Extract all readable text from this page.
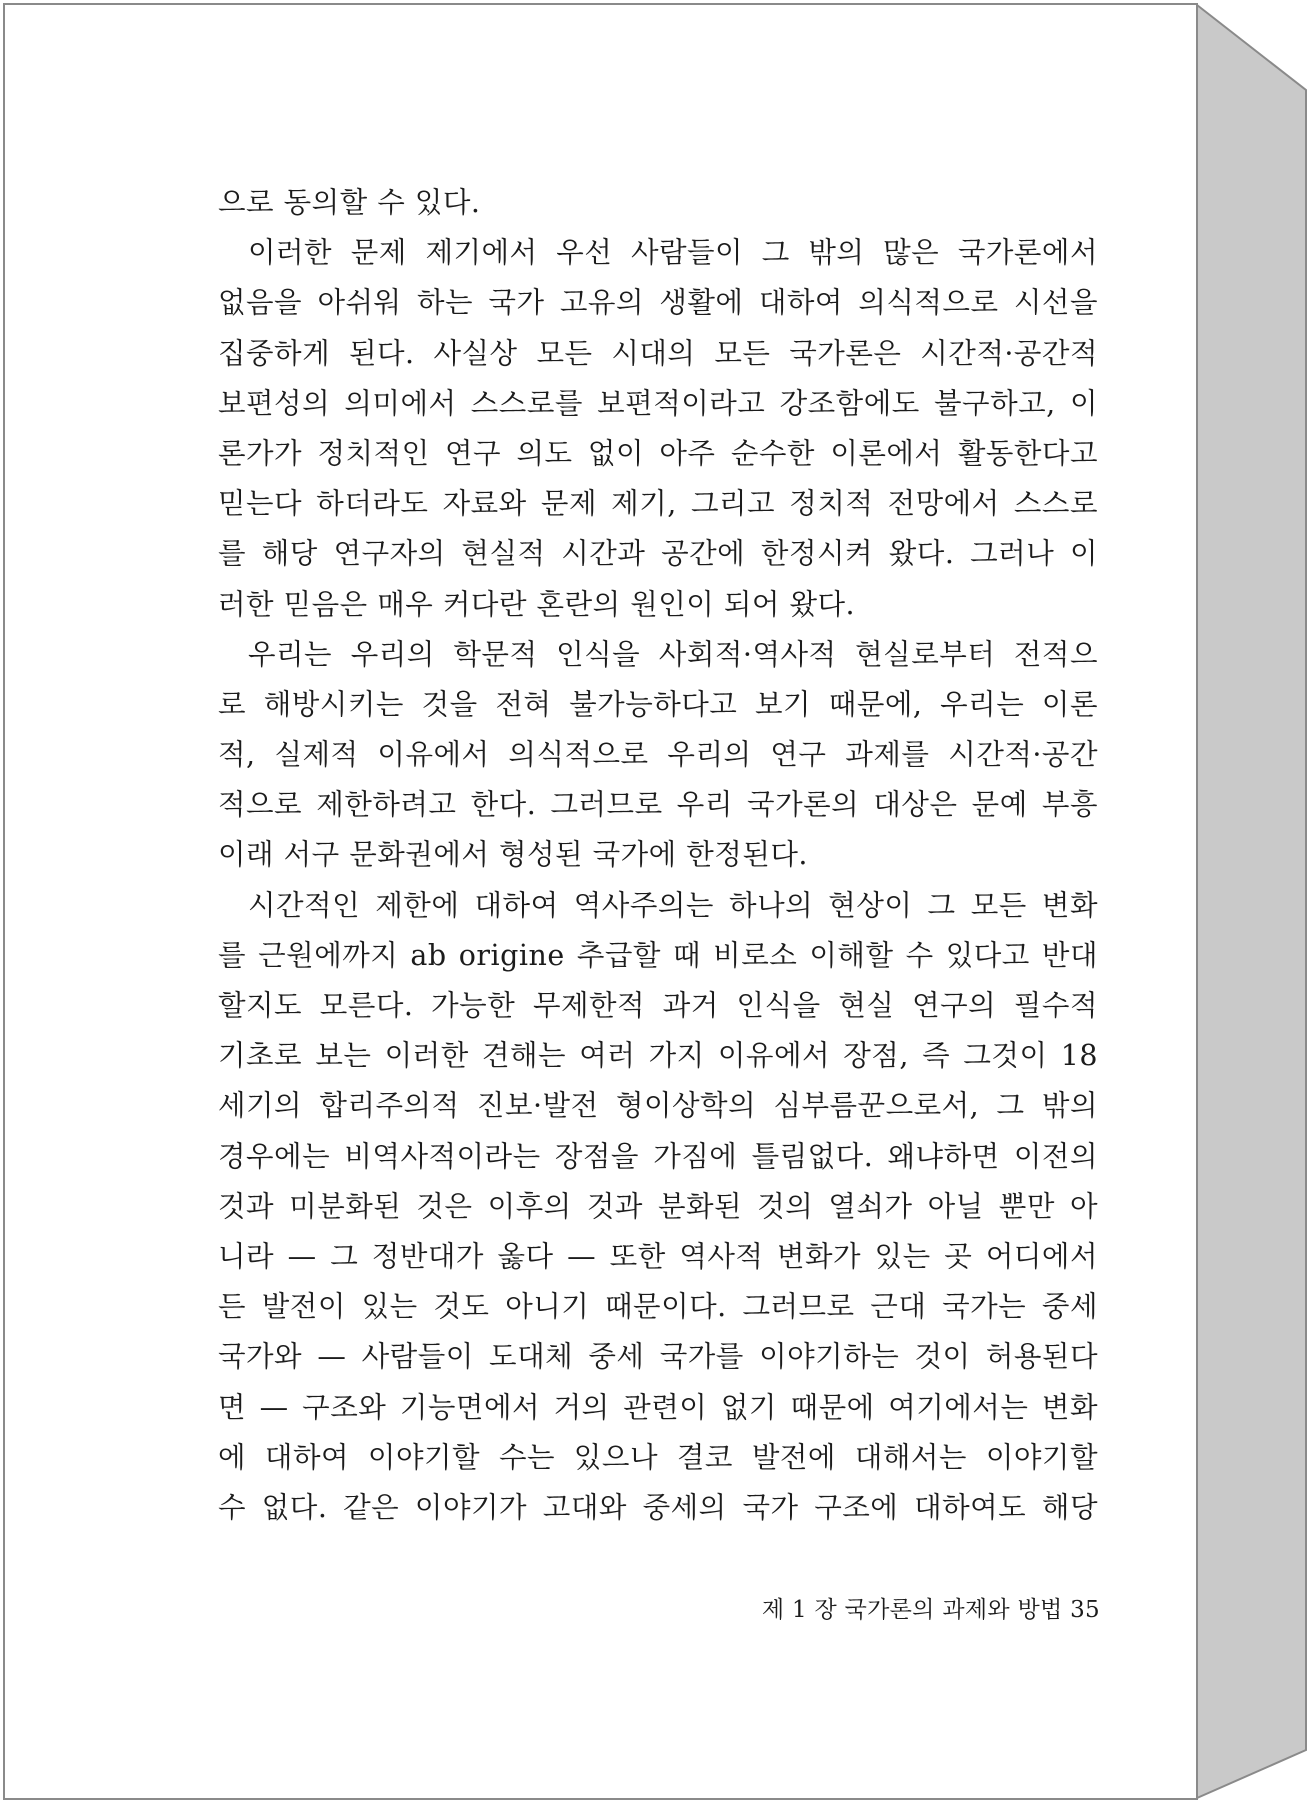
으로 동의할 수 있다.
이러한 문제 제기에서 우선 사람들이 그 밖의 많은 국가론에서
없음을 아쉬워 하는 국가 고유의 생활에 대하여 의식적으로 시선을
집중하게 된다. 사실상 모든 시대의 모든 국가론은 시간적·공간적
보편성의 의미에서 스스로를 보편적이라고 강조함에도 불구하고, 이
론가가 정치적인 연구 의도 없이 아주 순수한 이론에서 활동한다고
믿는다 하더라도 자료와 문제 제기, 그리고 정치적 전망에서 스스로
를 해당 연구자의 현실적 시간과 공간에 한정시켜 왔다. 그러나 이
러한 믿음은 매우 커다란 혼란의 원인이 되어 왔다.
우리는 우리의 학문적 인식을 사회적·역사적 현실로부터 전적으
로 해방시키는 것을 전혀 불가능하다고 보기 때문에, 우리는 이론
적, 실제적 이유에서 의식적으로 우리의 연구 과제를 시간적·공간
적으로 제한하려고 한다. 그러므로 우리 국가론의 대상은 문예 부흥
이래 서구 문화권에서 형성된 국가에 한정된다.
시간적인 제한에 대하여 역사주의는 하나의 현상이 그 모든 변화
를 근원에까지 ab origine 추급할 때 비로소 이해할 수 있다고 반대
할지도 모른다. 가능한 무제한적 과거 인식을 현실 연구의 필수적
기초로 보는 이러한 견해는 여러 가지 이유에서 장점, 즉 그것이 18
세기의 합리주의적 진보·발전 형이상학의 심부름꾼으로서, 그 밖의
경우에는 비역사적이라는 장점을 가짐에 틀림없다. 왜냐하면 이전의
것과 미분화된 것은 이후의 것과 분화된 것의 열쇠가 아닐 뿐만 아
니라 — 그 정반대가 옳다 — 또한 역사적 변화가 있는 곳 어디에서
든 발전이 있는 것도 아니기 때문이다. 그러므로 근대 국가는 중세
국가와 — 사람들이 도대체 중세 국가를 이야기하는 것이 허용된다
면 — 구조와 기능면에서 거의 관련이 없기 때문에 여기에서는 변화
에 대하여 이야기할 수는 있으나 결코 발전에 대해서는 이야기할
수 없다. 같은 이야기가 고대와 중세의 국가 구조에 대하여도 해당
제 1 장 국가론의 과제와 방법 35
